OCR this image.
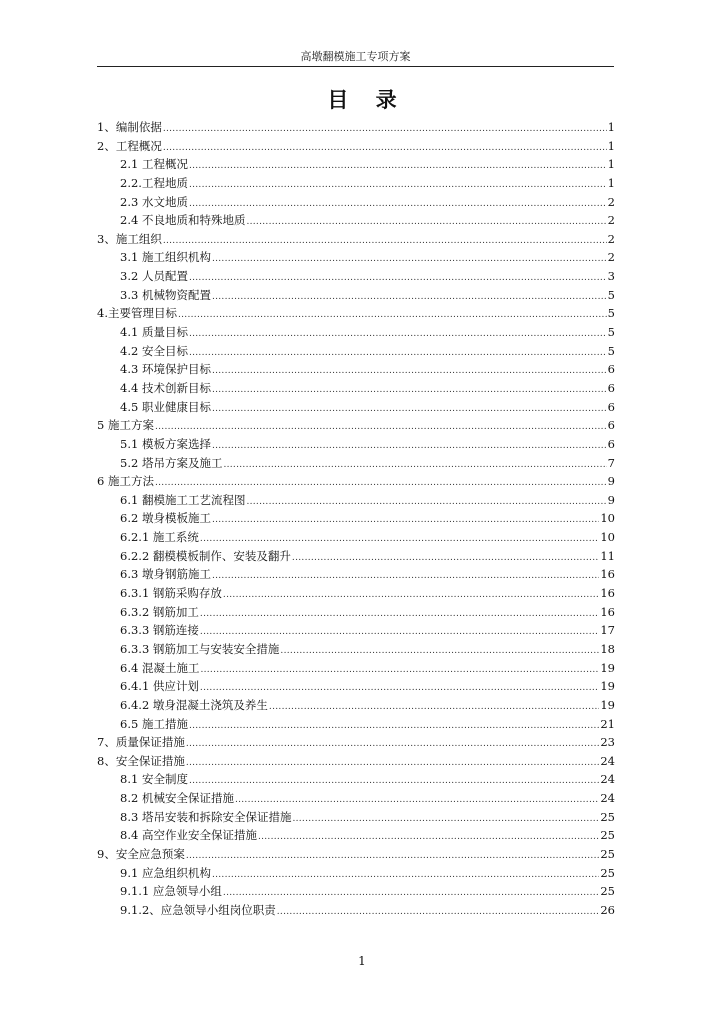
高墩翻模施工专项方案
目 录
1、编制依据 .....	1
2、工程概况 .....	1
2.1 工程概况 .....	1
2.2.工程地质 .....	1
2.3 水文地质 .....	2
2.4 不良地质和特殊地质 .....	2
3、施工组织 .....	2
3.1 施工组织机构 .....	2
3.2 人员配置 .....	3
3.3 机械物资配置 .....	5
4.主要管理目标 .....	5
4.1 质量目标 .....	5
4.2 安全目标 .....	5
4.3 环境保护目标 .....	6
4.4 技术创新目标 .....	6
4.5 职业健康目标 .....	6
5 施工方案 .....	6
5.1 模板方案选择 .....	6
5.2 塔吊方案及施工 .....	7
6 施工方法 .....	9
6.1 翻模施工工艺流程图 .....	9
6.2 墩身模板施工 .....	10
6.2.1 施工系统 .....	10
6.2.2 翻模模板制作、安装及翻升 .....	11
6.3 墩身钢筋施工 .....	16
6.3.1 钢筋采购存放 .....	16
6.3.2 钢筋加工 .....	16
6.3.3 钢筋连接 .....	17
6.3.3 钢筋加工与安装安全措施 .....	18
6.4 混凝土施工 .....	19
6.4.1 供应计划 .....	19
6.4.2 墩身混凝土浇筑及养生 .....	19
6.5 施工措施 .....	21
7、质量保证措施 .....	23
8、安全保证措施 .....	24
8.1 安全制度 .....	24
8.2 机械安全保证措施 .....	24
8.3 塔吊安装和拆除安全保证措施 .....	25
8.4 高空作业安全保证措施 .....	25
9、安全应急预案 .....	25
9.1 应急组织机构 .....	25
9.1.1 应急领导小组 .....	25
9.1.2、应急领导小组岗位职责 .....	26
1
